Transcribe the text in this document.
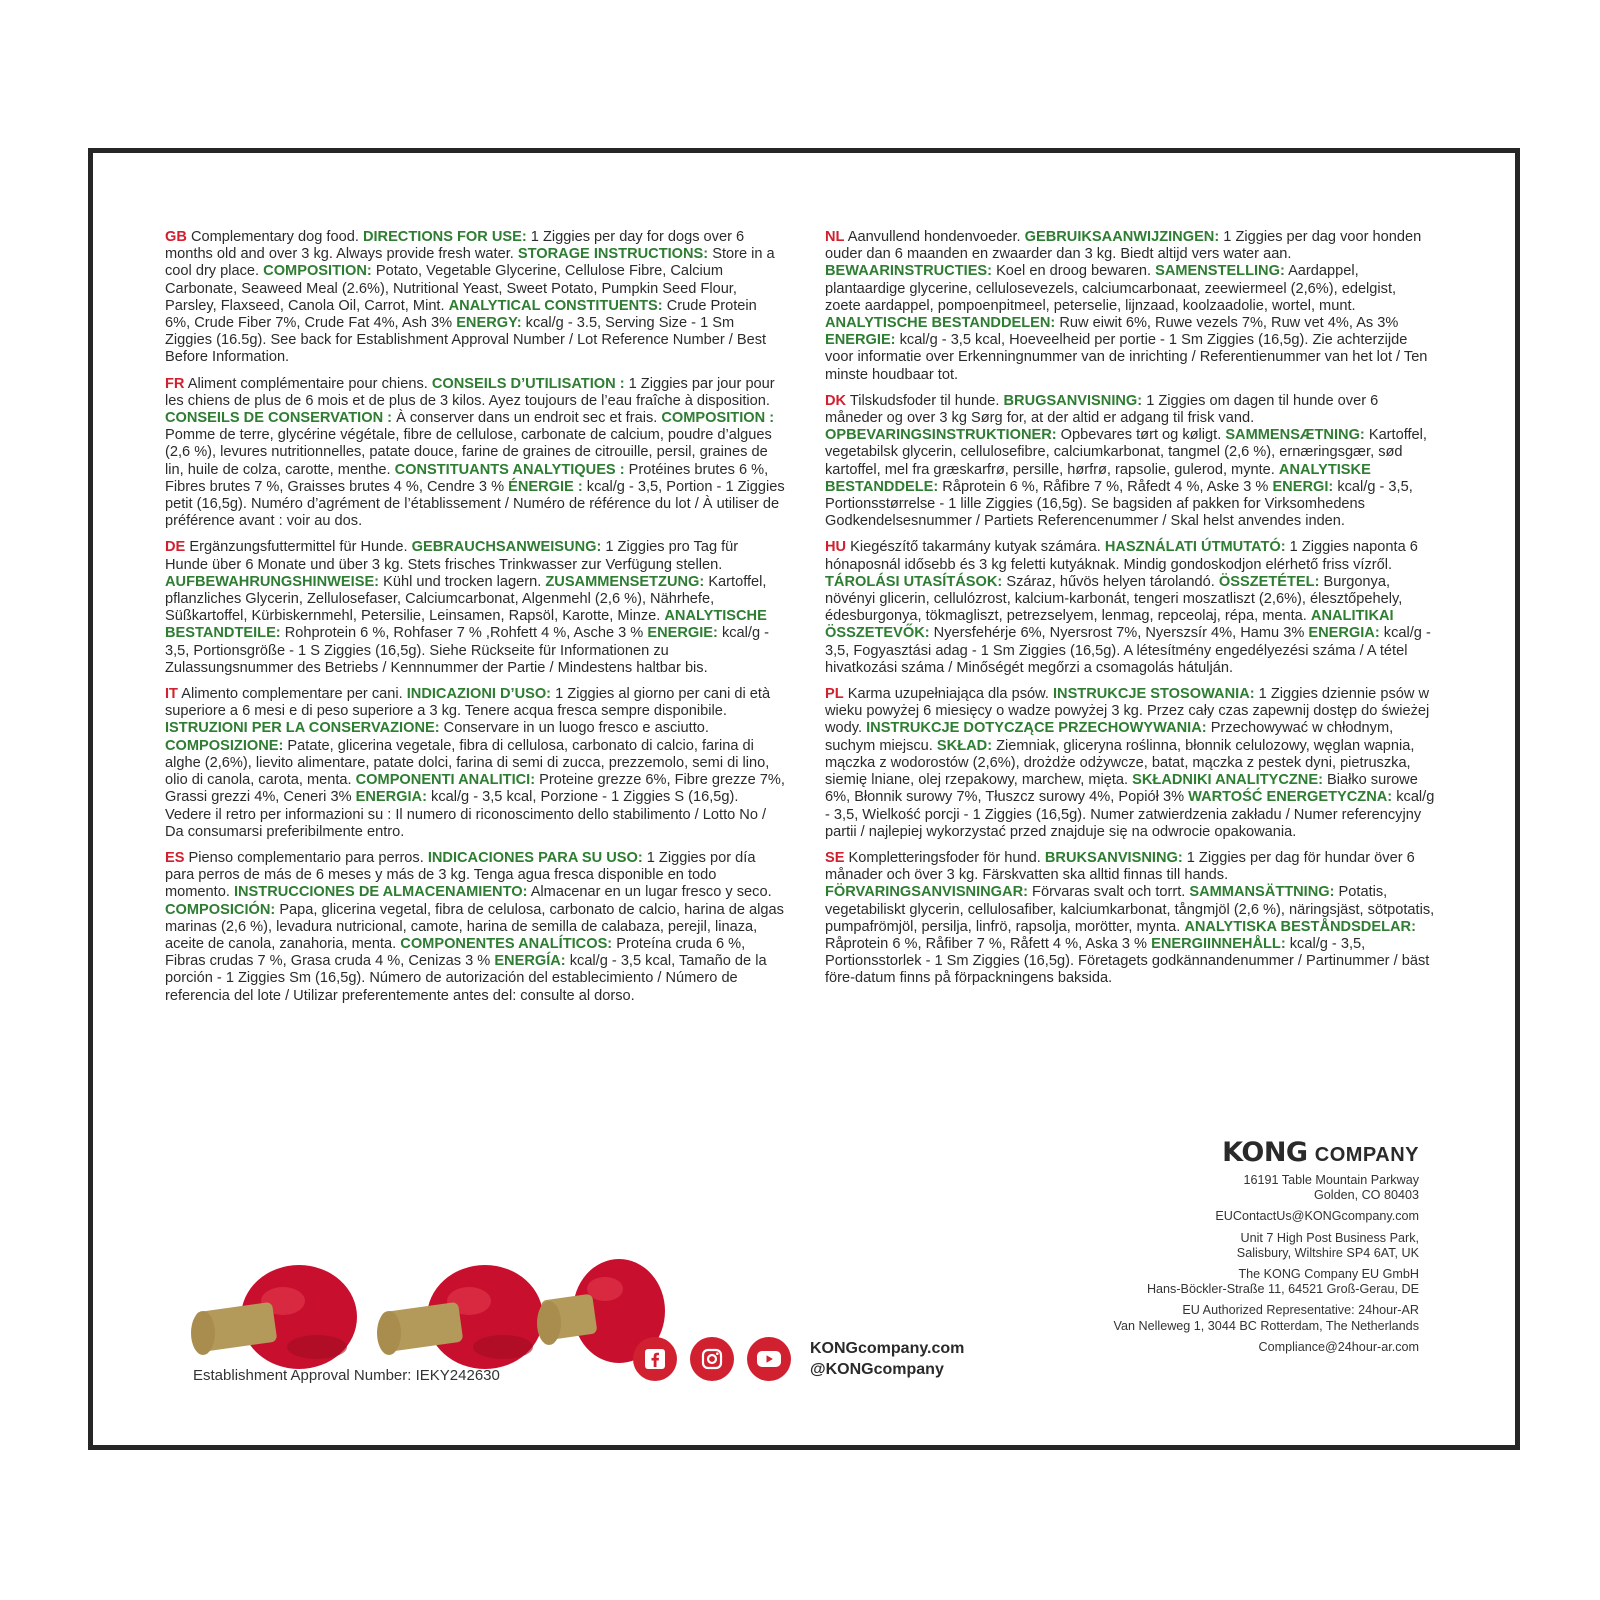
GB Complementary dog food. DIRECTIONS FOR USE: 1 Ziggies per day for dogs over 6 months old and over 3 kg. Always provide fresh water. STORAGE INSTRUCTIONS: Store in a cool dry place. COMPOSITION: Potato, Vegetable Glycerine, Cellulose Fibre, Calcium Carbonate, Seaweed Meal (2.6%), Nutritional Yeast, Sweet Potato, Pumpkin Seed Flour, Parsley, Flaxseed, Canola Oil, Carrot, Mint. ANALYTICAL CONSTITUENTS: Crude Protein 6%, Crude Fiber 7%, Crude Fat 4%, Ash 3% ENERGY: kcal/g - 3.5, Serving Size - 1 Sm Ziggies (16.5g). See back for Establishment Approval Number / Lot Reference Number / Best Before Information.
FR Aliment complémentaire pour chiens. CONSEILS D’UTILISATION : 1 Ziggies par jour pour les chiens de plus de 6 mois et de plus de 3 kilos. Ayez toujours de l’eau fraîche à disposition. CONSEILS DE CONSERVATION : À conserver dans un endroit sec et frais. COMPOSITION : Pomme de terre, glycérine végétale, fibre de cellulose, carbonate de calcium, poudre d’algues (2,6 %), levures nutritionnelles, patate douce, farine de graines de citrouille, persil, graines de lin, huile de colza, carotte, menthe. CONSTITUANTS ANALYTIQUES : Protéines brutes 6 %, Fibres brutes 7 %, Graisses brutes 4 %, Cendre 3 % ÉNERGIE : kcal/g - 3,5, Portion - 1 Ziggies petit (16,5g). Numéro d’agrément de l’établissement / Numéro de référence du lot / À utiliser de préférence avant : voir au dos.
DE Ergänzungsfuttermittel für Hunde. GEBRAUCHSANWEISUNG: 1 Ziggies pro Tag für Hunde über 6 Monate und über 3 kg. Stets frisches Trinkwasser zur Verfügung stellen. AUFBEWAHRUNGSHINWEISE: Kühl und trocken lagern. ZUSAMMENSETZUNG: Kartoffel, pflanzliches Glycerin, Zellulosefaser, Calciumcarbonat, Algenmehl (2,6 %), Nährhefe, Süßkartoffel, Kürbiskernmehl, Petersilie, Leinsamen, Rapsöl, Karotte, Minze. ANALYTISCHE BESTANDTEILE: Rohprotein 6 %, Rohfaser 7 % ,Rohfett 4 %, Asche 3 % ENERGIE: kcal/g - 3,5, Portionsgröße - 1 S Ziggies (16,5g). Siehe Rückseite für Informationen zu Zulassungsnummer des Betriebs / Kennnummer der Partie / Mindestens haltbar bis.
IT Alimento complementare per cani. INDICAZIONI D’USO: 1 Ziggies al giorno per cani di età superiore a 6 mesi e di peso superiore a 3 kg. Tenere acqua fresca sempre disponibile. ISTRUZIONI PER LA CONSERVAZIONE: Conservare in un luogo fresco e asciutto. COMPOSIZIONE: Patate, glicerina vegetale, fibra di cellulosa, carbonato di calcio, farina di alghe (2,6%), lievito alimentare, patate dolci, farina di semi di zucca, prezzemolo, semi di lino, olio di canola, carota, menta. COMPONENTI ANALITICI: Proteine grezze 6%, Fibre grezze 7%, Grassi grezzi 4%, Ceneri 3% ENERGIA: kcal/g - 3,5 kcal, Porzione - 1 Ziggies S (16,5g). Vedere il retro per informazioni su : Il numero di riconoscimento dello stabilimento / Lotto No / Da consumarsi preferibilmente entro.
ES Pienso complementario para perros. INDICACIONES PARA SU USO: 1 Ziggies por día para perros de más de 6 meses y más de 3 kg. Tenga agua fresca disponible en todo momento. INSTRUCCIONES DE ALMACENAMIENTO: Almacenar en un lugar fresco y seco. COMPOSICIÓN: Papa, glicerina vegetal, fibra de celulosa, carbonato de calcio, harina de algas marinas (2,6 %), levadura nutricional, camote, harina de semilla de calabaza, perejil, linaza, aceite de canola, zanahoria, menta. COMPONENTES ANALÍTICOS: Proteína cruda 6 %, Fibras crudas 7 %, Grasa cruda 4 %, Cenizas 3 % ENERGÍA: kcal/g - 3,5 kcal, Tamaño de la porción - 1 Ziggies Sm (16,5g). Número de autorización del establecimiento / Número de referencia del lote / Utilizar preferentemente antes del: consulte al dorso.
NL Aanvullend hondenvoeder. GEBRUIKSAANWIJZINGEN: 1 Ziggies per dag voor honden ouder dan 6 maanden en zwaarder dan 3 kg. Biedt altijd vers water aan. BEWAARINSTRUCTIES: Koel en droog bewaren. SAMENSTELLING: Aardappel, plantaardige glycerine, cellulosevezels, calciumcarbonaat, zeewiermeel (2,6%), edelgist, zoete aardappel, pompoenpitmeel, peterselie, lijnzaad, koolzaadolie, wortel, munt. ANALYTISCHE BESTANDDELEN: Ruw eiwit 6%, Ruwe vezels 7%, Ruw vet 4%, As 3% ENERGIE: kcal/g - 3,5 kcal, Hoeveelheid per portie - 1 Sm Ziggies (16,5g). Zie achterzijde voor informatie over Erkenningnummer van de inrichting / Referentienummer van het lot / Ten minste houdbaar tot.
DK Tilskudsfoder til hunde. BRUGSANVISNING: 1 Ziggies om dagen til hunde over 6 måneder og over 3 kg Sørg for, at der altid er adgang til frisk vand. OPBEVARINGSINSTRUKTIONER: Opbevares tørt og køligt. SAMMENSÆTNING: Kartoffel, vegetabilsk glycerin, cellulosefibre, calciumkarbonat, tangmel (2,6 %), ernæringsgær, sød kartoffel, mel fra græskarfrø, persille, hørfrø, rapsolie, gulerod, mynte. ANALYTISKE BESTANDDELE: Råprotein 6 %, Råfibre 7 %, Råfedt 4 %, Aske 3 % ENERGI: kcal/g - 3,5, Portionsstørrelse - 1 lille Ziggies (16,5g). Se bagsiden af pakken for Virksomhedens Godkendelsesnummer / Partiets Referencenummer / Skal helst anvendes inden.
HU Kiegészítő takarmány kutyak számára. HASZNÁLATI ÚTMUTATÓ: 1 Ziggies naponta 6 hónaposnál idősebb és 3 kg feletti kutyáknak. Mindig gondoskodjon elérhető friss vízről. TÁROLÁSI UTASÍTÁSOK: Száraz, hűvös helyen tárolandó. ÖSSZETÉTEL: Burgonya, növényi glicerin, cellulózrost, kalcium-karbonát, tengeri moszatliszt (2,6%), élesztőpehely, édesburgonya, tökmagliszt, petrezselyem, lenmag, repceolaj, répa, menta. ANALITIKAI ÖSSZETEVŐK: Nyersfehérje 6%, Nyersrost 7%, Nyerszsír 4%, Hamu 3% ENERGIA: kcal/g - 3,5, Fogyasztási adag - 1 Sm Ziggies (16,5g). A létesítmény engedélyezési száma / A tétel hivatkozási száma / Minőségét megőrzi a csomagolás hátulján.
PL Karma uzupełniająca dla psów. INSTRUKCJE STOSOWANIA: 1 Ziggies dziennie psów w wieku powyżej 6 miesięcy o wadze powyżej 3 kg. Przez cały czas zapewnij dostęp do świeżej wody. INSTRUKCJE DOTYCZĄCE PRZECHOWYWANIA: Przechowywać w chłodnym, suchym miejscu. SKŁAD: Ziemniak, gliceryna roślinna, błonnik celulozowy, węglan wapnia, mączka z wodorostów (2,6%), drożdże odżywcze, batat, mączka z pestek dyni, pietruszka, siemię lniane, olej rzepakowy, marchew, mięta. SKŁADNIKI ANALITYCZNE: Białko surowe 6%, Błonnik surowy 7%, Tłuszcz surowy 4%, Popiół 3% WARTOŚĆ ENERGETYCZNA: kcal/g - 3,5, Wielkość porcji - 1 Ziggies (16,5g). Numer zatwierdzenia zakładu / Numer referencyjny partii / najlepiej wykorzystać przed znajduje się na odwrocie opakowania.
SE Kompletteringsfoder för hund. BRUKSANVISNING: 1 Ziggies per dag för hundar över 6 månader och över 3 kg. Färskvatten ska alltid finnas till hands. FÖRVARINGSANVISNINGAR: Förvaras svalt och torrt. SAMMANSÄTTNING: Potatis, vegetabiliskt glycerin, cellulosafiber, kalciumkarbonat, tångmjöl (2,6 %), näringsjäst, sötpotatis, pumpafrömjöl, persilja, linfrö, rapsolja, morötter, mynta. ANALYTISKA BESTÅNDSDELAR: Råprotein 6 %, Råfiber 7 %, Råfett 4 %, Aska 3 % ENERGIINNEHÅLL: kcal/g - 3,5, Portionsstorlek - 1 Sm Ziggies (16,5g). Företagets godkännandenummer / Partinummer / bäst före-datum finns på förpackningens baksida.
Establishment Approval Number: IEKY242630
KONGcompany.com
@KONGcompany
KONG COMPANY
16191 Table Mountain Parkway
Golden, CO 80403
EUContactUs@KONGcompany.com
Unit 7 High Post Business Park,
Salisbury, Wiltshire SP4 6AT, UK
The KONG Company EU GmbH
Hans-Böckler-Straße 11, 64521 Groß-Gerau, DE
EU Authorized Representative: 24hour-AR
Van Nelleweg 1, 3044 BC Rotterdam, The Netherlands
Compliance@24hour-ar.com
